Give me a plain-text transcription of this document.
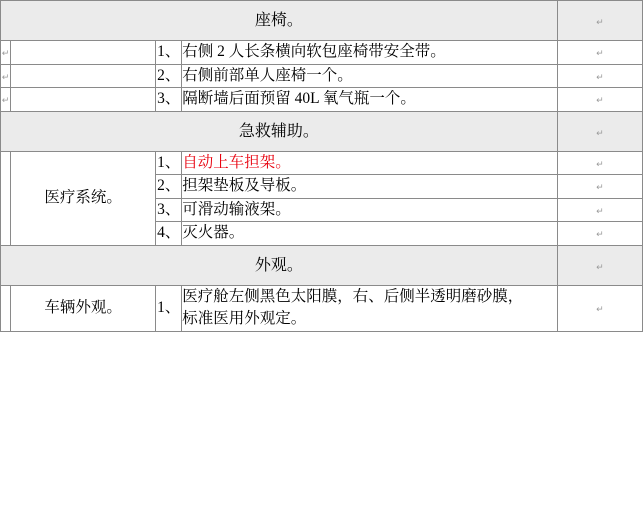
座椅。				↵
↵		1、	右侧 2 人长条横向软包座椅带安全带。	↵
↵		2、	右侧前部单人座椅一个。	↵
↵		3、	隔断墙后面预留 40L 氧气瓶一个。	↵
急救辅助。				↵
	医疗系统。	1、	自动上车担架。	↵
		2、	担架垫板及导板。	↵
		3、	可滑动输液架。	↵
		4、	灭火器。	↵
外观。				↵
	车辆外观。	1、	医疗舱左侧黑色太阳膜，右、后侧半透明磨砂膜，
标准医用外观定。	↵
